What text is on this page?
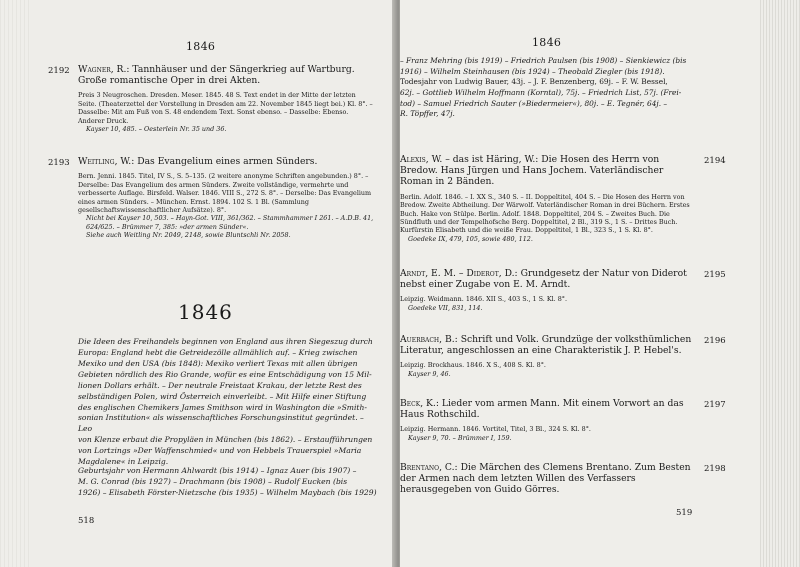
1846
2192 Wagner, R.: Tannhäuser und der Sängerkrieg auf Wartburg. Große romantische Oper in drei Akten.
Preis 3 Neugroschen. Dresden. Meser. 1845. 48 S. Text endet in der Mitte der letzten Seite. (Theaterzettel der Vorstellung in Dresden am 22. November 1845 liegt bei.) Kl. 8°. – Dasselbe: Mit am Fuß von S. 48 endendem Text. Sonst ebenso. – Dasselbe: Ebenso. Anderer Druck.
Kayser 10, 485. – Oesterlein Nr. 35 und 36.
2193 Weitling, W.: Das Evangelium eines armen Sünders.
Bern. Jenni. 1845. Titel, IV S., S. 5–135. (2 weitere anonyme Schriften angebunden.) 8°. – Derselbe: Das Evangelium des armen Sünders. Zweite vollständige, vermehrte und verbesserte Auflage. Birsfeld. Walser. 1846. VIII S., 272 S. 8°. – Derselbe: Das Evangelium eines armen Sünders. – München. Ernst. 1894. 102 S. 1 Bl. (Sammlung gesellschaftswissenschaftlicher Aufsätze). 8°.
Nicht bei Kayser 10, 503. – Hayn-Got. VIII, 361/362. – Stammhammer I 261. – A.D.B. 41, 624/625. – Brümmer 7, 385: »der armen Sünder«.
Siehe auch Weitling Nr. 2049, 2148, sowie Bluntschli Nr. 2058.
1846

Die Ideen des Freihandels beginnen von England aus ihren Siegeszug durch

Europa: England hebt die Getreidezölle allmählich auf. – Krieg zwischen

Mexiko und den USA (bis 1848): Mexiko verliert Texas mit allen übrigen

Gebieten nördlich des Rio Grande, wofür es eine Entschädigung von 15 Mil-

lionen Dollars erhält. – Der neutrale Freistaat Krakau, der letzte Rest des

selbständigen Polen, wird Österreich einverleibt. – Mit Hilfe einer Stiftung

des englischen Chemikers James Smithson wird in Washington die »Smith-

sonian Institution« als wissenschaftliches Forschungsinstitut gegründet. – Leo

von Klenze erbaut die Propyläen in München (bis 1862). – Erstaufführungen

von Lortzings »Der Waffenschmied« und von Hebbels Trauerspiel »Maria

Magdalene« in Leipzig.

Geburtsjahr von Hermann Ahlwardt (bis 1914) – Ignaz Auer (bis 1907) –

M. G. Conrad (bis 1927) – Drachmann (bis 1908) – Rudolf Eucken (bis

1926) – Elisabeth Förster-Nietzsche (bis 1935) – Wilhelm Maybach (bis 1929)

518
1846

– Franz Mehring (bis 1919) – Friedrich Paulsen (bis 1908) – Sienkiewicz (bis

1916) – Wilhelm Steinhausen (bis 1924) – Theobald Ziegler (bis 1918).

Todesjahr von Ludwig Bauer, 43j. – J. F. Benzenberg, 69j. – F. W. Bessel,

62j. – Gottlieb Wilhelm Hoffmann (Korntal), 75j. – Friedrich List, 57j. (Frei-

tod) – Samuel Friedrich Sauter (»Biedermeier«), 80j. – E. Tegnér, 64j. –

R. Töpffer, 47j.

Alexis, W. – das ist Häring, W.: Die Hosen des Herrn von Bredow. Hans Jürgen und Hans Jochem. Vaterländischer Roman in 2 Bänden.
Berlin. Adolf. 1846. – I. XX S., 340 S. – II. Doppeltitel, 404 S. – Die Hosen des Herrn von Bredow. Zweite Abtheilung. Der Wärwolf. Vaterländischer Roman in drei Büchern. Erstes Buch. Hake von Stülpe. Berlin. Adolf. 1848. Doppeltitel, 204 S. – Zweites Buch. Die Sündfluth und der Tempelhofsche Berg. Doppeltitel, 2 Bl., 319 S., 1 S. – Drittes Buch. Kurfürstin Elisabeth und die weiße Frau. Doppeltitel, 1 Bl., 323 S., 1 S. Kl. 8°.
Goedeke IX, 479, 105, sowie 480, 112.
2194
Arndt, E. M. – Diderot, D.: Grundgesetz der Natur von Diderot nebst einer Zugabe von E. M. Arndt.
Leipzig. Weidmann. 1846. XII S., 403 S., 1 S. Kl. 8°.
Goedeke VII, 831, 114.
2195
Auerbach, B.: Schrift und Volk. Grundzüge der volksthümlichen Literatur, angeschlossen an eine Charakteristik J. P. Hebel's.
Leipzig. Brockhaus. 1846. X S., 408 S. Kl. 8°.
Kayser 9, 46.
2196
Beck, K.: Lieder vom armen Mann. Mit einem Vorwort an das Haus Rothschild.
Leipzig. Hermann. 1846. Vortitel, Titel, 3 Bl., 324 S. Kl. 8°.
Kayser 9, 70. – Brümmer I, 159.
2197
Brentano, C.: Die Märchen des Clemens Brentano. Zum Besten der Armen nach dem letzten Willen des Verfassers herausgegeben von Guido Görres.
2198
519
